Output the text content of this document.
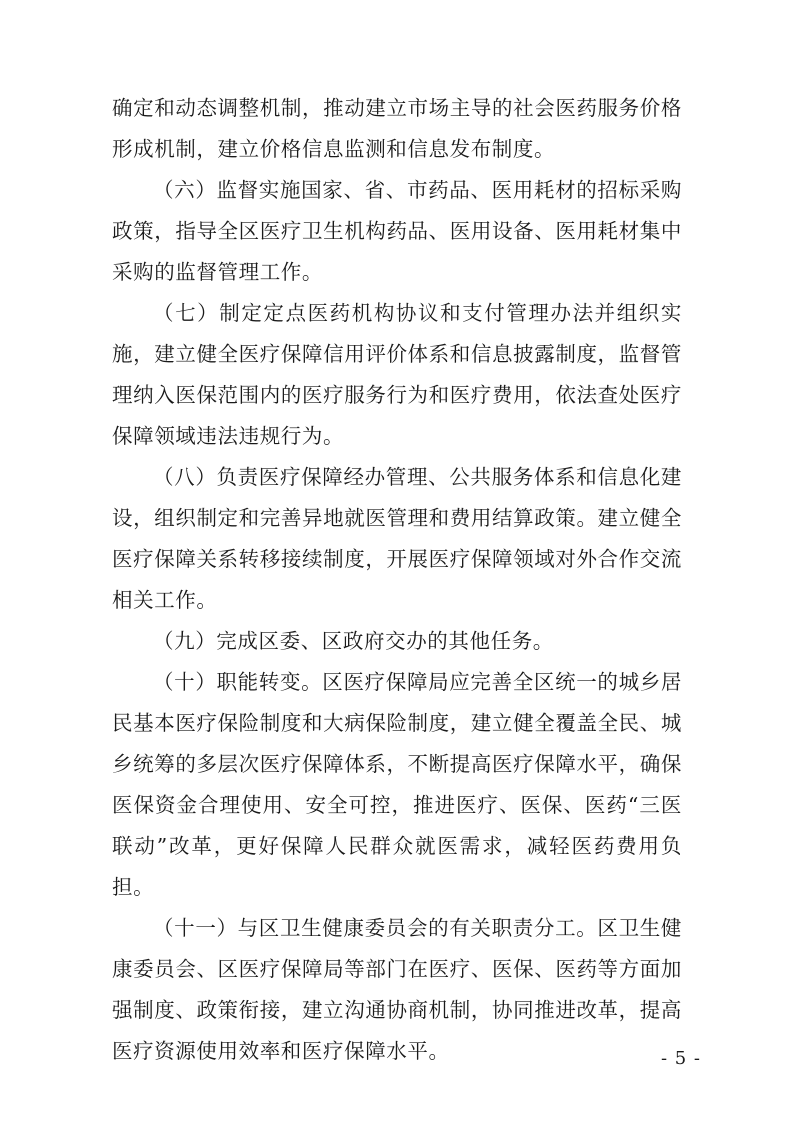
确定和动态调整机制，推动建立市场主导的社会医药服务价格形成机制，建立价格信息监测和信息发布制度。

（六）监督实施国家、省、市药品、医用耗材的招标采购政策，指导全区医疗卫生机构药品、医用设备、医用耗材集中采购的监督管理工作。

（七）制定定点医药机构协议和支付管理办法并组织实施，建立健全医疗保障信用评价体系和信息披露制度，监督管理纳入医保范围内的医疗服务行为和医疗费用，依法查处医疗保障领域违法违规行为。

（八）负责医疗保障经办管理、公共服务体系和信息化建设，组织制定和完善异地就医管理和费用结算政策。建立健全医疗保障关系转移接续制度，开展医疗保障领域对外合作交流相关工作。

（九）完成区委、区政府交办的其他任务。

（十）职能转变。区医疗保障局应完善全区统一的城乡居民基本医疗保险制度和大病保险制度，建立健全覆盖全民、城乡统筹的多层次医疗保障体系，不断提高医疗保障水平，确保医保资金合理使用、安全可控，推进医疗、医保、医药“三医联动”改革，更好保障人民群众就医需求，减轻医药费用负担。

（十一）与区卫生健康委员会的有关职责分工。区卫生健康委员会、区医疗保障局等部门在医疗、医保、医药等方面加强制度、政策衔接，建立沟通协商机制，协同推进改革，提高医疗资源使用效率和医疗保障水平。	- 5 -
